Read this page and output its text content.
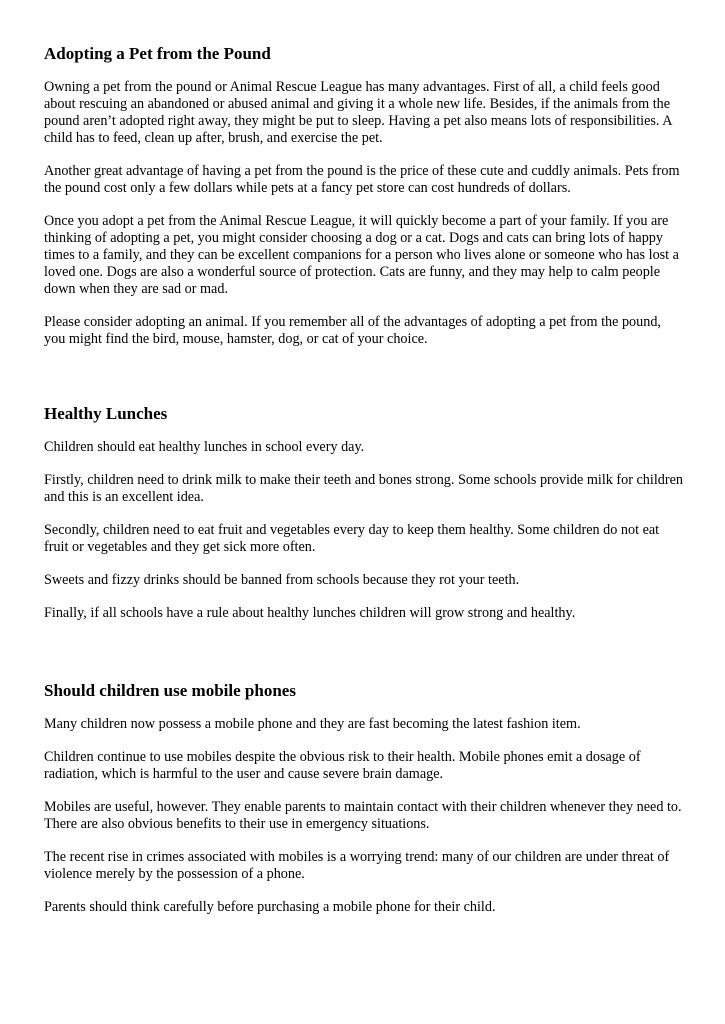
Adopting a Pet from the Pound

Owning a pet from the pound or Animal Rescue League has many advantages. First of all, a child feels good about rescuing an abandoned or abused animal and giving it a whole new life. Besides, if the animals from the pound aren’t adopted right away, they might be put to sleep. Having a pet also means lots of responsibilities. A child has to feed, clean up after, brush, and exercise the pet.

Another great advantage of having a pet from the pound is the price of these cute and cuddly animals. Pets from the pound cost only a few dollars while pets at a fancy pet store can cost hundreds of dollars.

Once you adopt a pet from the Animal Rescue League, it will quickly become a part of your family. If you are thinking of adopting a pet, you might consider choosing a dog or a cat. Dogs and cats can bring lots of happy times to a family, and they can be excellent companions for a person who lives alone or someone who has lost a loved one. Dogs are also a wonderful source of protection. Cats are funny, and they may help to calm people down when they are sad or mad.

Please consider adopting an animal. If you remember all of the advantages of adopting a pet from the pound, you might find the bird, mouse, hamster, dog, or cat of your choice.

Healthy Lunches

Children should eat healthy lunches in school every day.

Firstly, children need to drink milk to make their teeth and bones strong. Some schools provide milk for children and this is an excellent idea.

Secondly, children need to eat fruit and vegetables every day to keep them healthy. Some children do not eat fruit or vegetables and they get sick more often.

Sweets and fizzy drinks should be banned from schools because they rot your teeth.

Finally, if all schools have a rule about healthy lunches children will grow strong and healthy.

Should children use mobile phones

Many children now possess a mobile phone and they are fast becoming the latest fashion item.

Children continue to use mobiles despite the obvious risk to their health. Mobile phones emit a dosage of radiation, which is harmful to the user and cause severe brain damage.

Mobiles are useful, however. They enable parents to maintain contact with their children whenever they need to. There are also obvious benefits to their use in emergency situations.

The recent rise in crimes associated with mobiles is a worrying trend: many of our children are under threat of violence merely by the possession of a phone.

Parents should think carefully before purchasing a mobile phone for their child.
